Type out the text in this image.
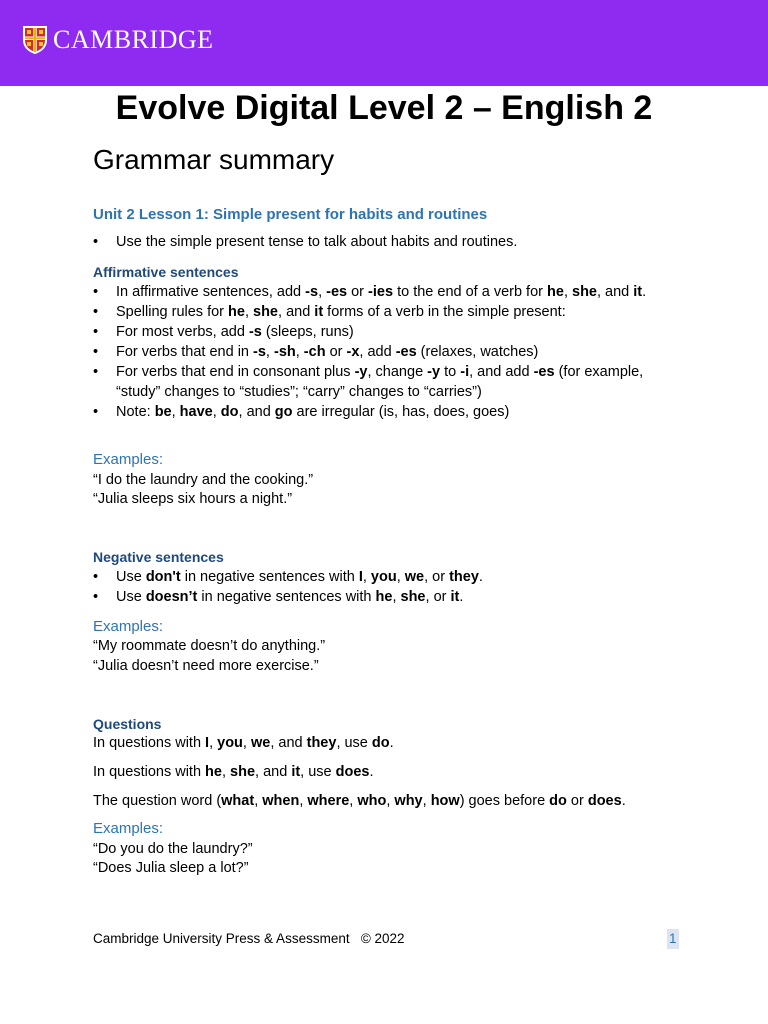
CAMBRIDGE
Evolve Digital Level 2 – English 2
Grammar summary
Unit 2 Lesson 1: Simple present for habits and routines
• Use the simple present tense to talk about habits and routines.
Affirmative sentences
• In affirmative sentences, add -s, -es or -ies to the end of a verb for he, she, and it.
• Spelling rules for he, she, and it forms of a verb in the simple present:
• For most verbs, add -s (sleeps, runs)
• For verbs that end in -s, -sh, -ch or -x, add -es (relaxes, watches)
• For verbs that end in consonant plus -y, change -y to -i, and add -es (for example, “study” changes to “studies”; “carry” changes to “carries”)
• Note: be, have, do, and go are irregular (is, has, does, goes)
Examples:
“I do the laundry and the cooking.”
“Julia sleeps six hours a night.”
Negative sentences
• Use don't in negative sentences with I, you, we, or they.
• Use doesn’t in negative sentences with he, she, or it.
Examples:
“My roommate doesn’t do anything.”
“Julia doesn’t need more exercise.”
Questions
In questions with I, you, we, and they, use do.
In questions with he, she, and it, use does.
The question word (what, when, where, who, why, how) goes before do or does.
Examples:
“Do you do the laundry?”
“Does Julia sleep a lot?”
Cambridge University Press & Assessment   © 2022	1
